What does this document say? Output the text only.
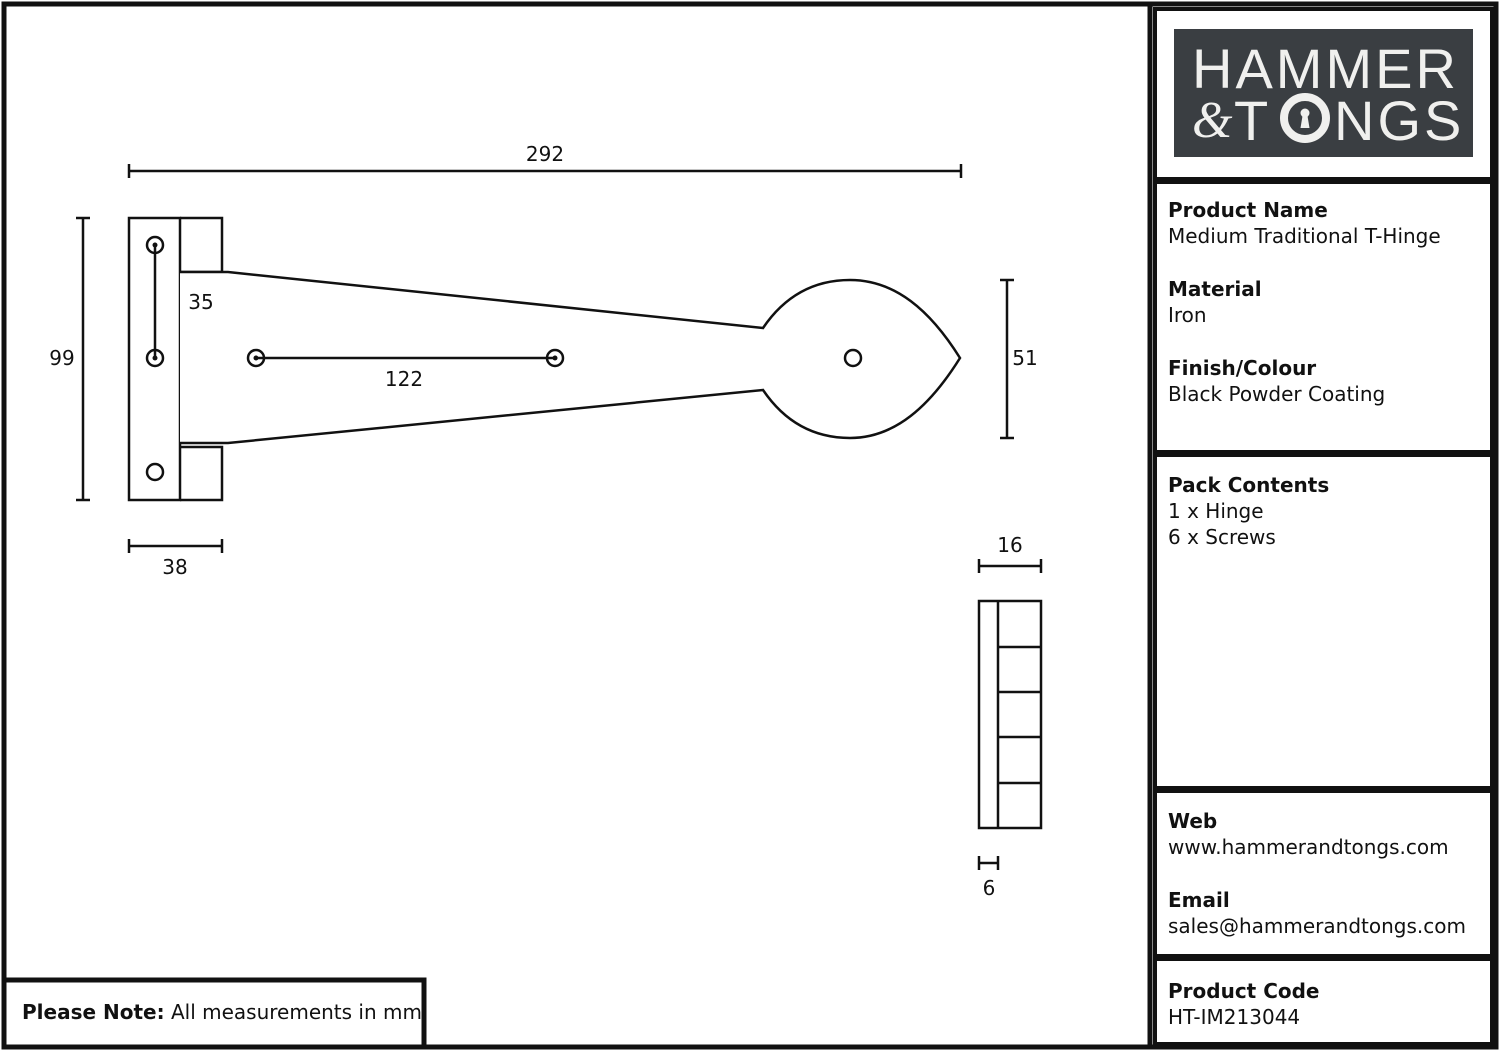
292
99
35
122
51
38
16
6
HAMMER
& T NGS

Product Name

Medium Traditional T-Hinge

Material

Iron

Finish/Colour

Black Powder Coating

Pack Contents

1 x Hinge

6 x Screws

Web

www.hammerandtongs.com

Email

sales@hammerandtongs.com

Product Code

HT-IM213044

Please Note: All measurements in mm
